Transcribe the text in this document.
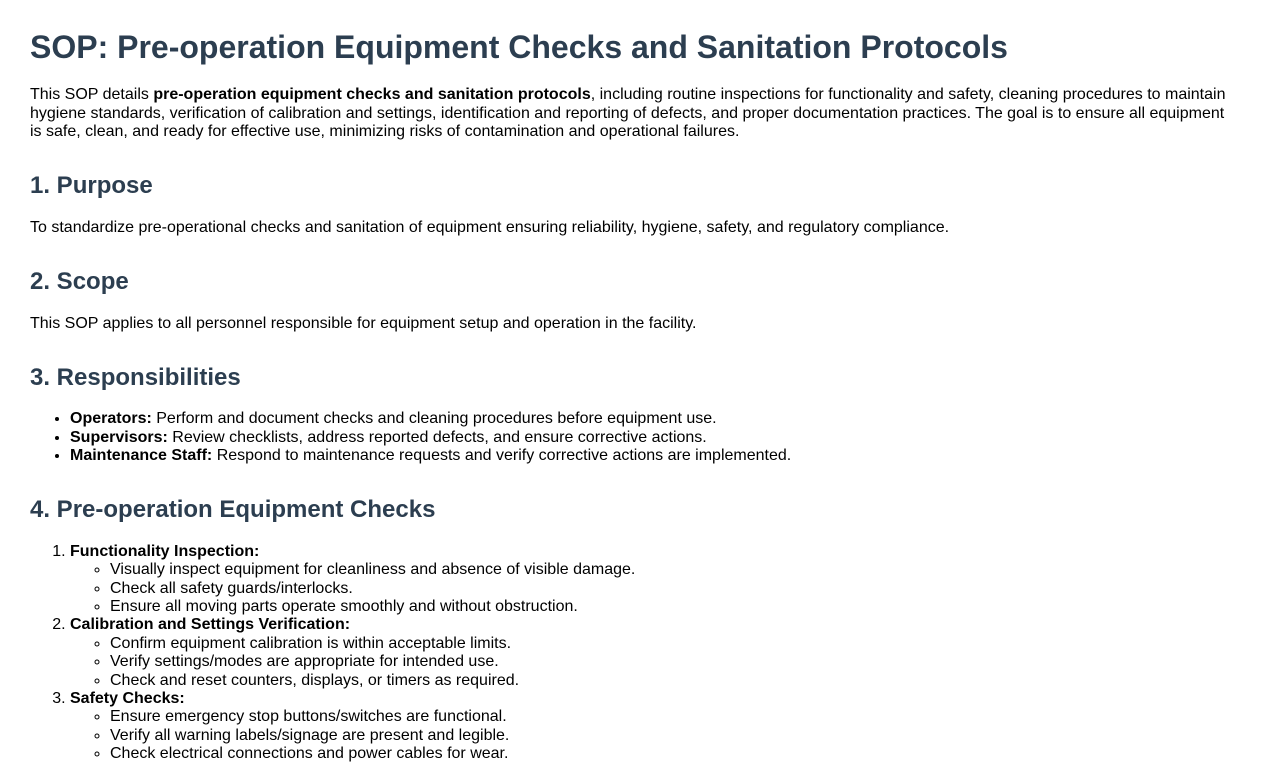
SOP: Pre-operation Equipment Checks and Sanitation Protocols

This SOP details pre-operation equipment checks and sanitation protocols, including routine inspections for functionality and safety, cleaning procedures to maintain hygiene standards, verification of calibration and settings, identification and reporting of defects, and proper documentation practices. The goal is to ensure all equipment is safe, clean, and ready for effective use, minimizing risks of contamination and operational failures.

1. Purpose

To standardize pre-operational checks and sanitation of equipment ensuring reliability, hygiene, safety, and regulatory compliance.

2. Scope

This SOP applies to all personnel responsible for equipment setup and operation in the facility.

3. Responsibilities
• Operators: Perform and document checks and cleaning procedures before equipment use.
• Supervisors: Review checklists, address reported defects, and ensure corrective actions.
• Maintenance Staff: Respond to maintenance requests and verify corrective actions are implemented.
4. Pre-operation Equipment Checks
1. Functionality Inspection:
◦ Visually inspect equipment for cleanliness and absence of visible damage.
◦ Check all safety guards/interlocks.
◦ Ensure all moving parts operate smoothly and without obstruction.
2. Calibration and Settings Verification:
◦ Confirm equipment calibration is within acceptable limits.
◦ Verify settings/modes are appropriate for intended use.
◦ Check and reset counters, displays, or timers as required.
3. Safety Checks:
◦ Ensure emergency stop buttons/switches are functional.
◦ Verify all warning labels/signage are present and legible.
◦ Check electrical connections and power cables for wear.
